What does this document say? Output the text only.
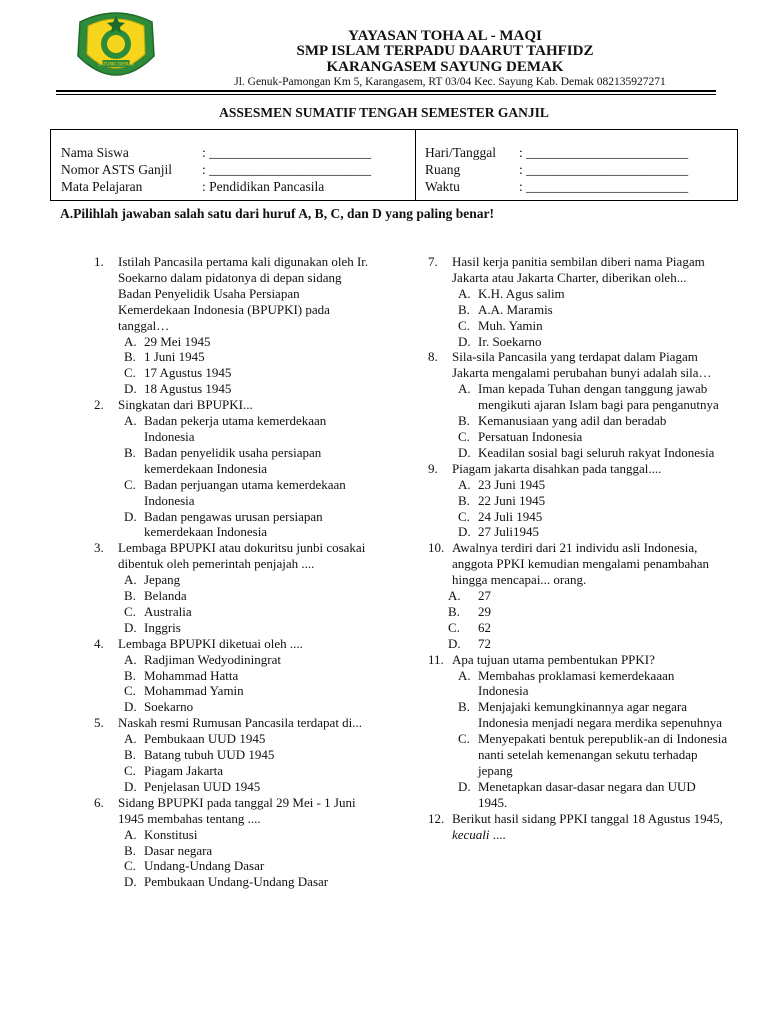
SATUNG DEMAK
YAYASAN TOHA AL - MAQI
SMP ISLAM TERPADU DAARUT TAHFIDZ
KARANGASEM SAYUNG DEMAK
Jl. Genuk-Pamongan Km 5, Karangasem, RT 03/04 Kec. Sayung Kab. Demak 082135927271
ASSESMEN SUMATIF TENGAH SEMESTER GANJIL
Nama Siswa	: ________________________
Nomor ASTS Ganjil : ________________________
Mata Pelajaran	: Pendidikan Pancasila
Hari/Tanggal : ________________________
Ruang	: ________________________
Waktu	: ________________________
A.Pilihlah jawaban salah satu dari huruf A, B, C, dan D yang paling benar!
1. Istilah Pancasila pertama kali digunakan oleh Ir. Soekarno dalam pidatonya di depan sidang Badan Penyelidik Usaha Persiapan Kemerdekaan Indonesia (BPUPKI) pada tanggal…
A. 29 Mei 1945
B. 1 Juni 1945
C. 17 Agustus 1945
D. 18 Agustus 1945
2. Singkatan dari BPUPKI...
A. Badan pekerja utama kemerdekaan Indonesia
B. Badan penyelidik usaha persiapan kemerdekaan Indonesia
C. Badan perjuangan utama kemerdekaan Indonesia
D. Badan pengawas urusan persiapan kemerdekaan Indonesia
3. Lembaga BPUPKI atau dokuritsu junbi cosakai dibentuk oleh pemerintah penjajah ....
A. Jepang
B. Belanda
C. Australia
D. Inggris
4. Lembaga BPUPKI diketuai oleh ....
A. Radjiman Wedyodiningrat
B. Mohammad Hatta
C. Mohammad Yamin
D. Soekarno
5. Naskah resmi Rumusan Pancasila terdapat di...
A. Pembukaan UUD 1945
B. Batang tubuh UUD 1945
C. Piagam Jakarta
D. Penjelasan UUD 1945
6. Sidang BPUPKI pada tanggal 29 Mei - 1 Juni 1945 membahas tentang ....
A. Konstitusi
B. Dasar negara
C. Undang-Undang Dasar
D. Pembukaan Undang-Undang Dasar
7. Hasil kerja panitia sembilan diberi nama Piagam Jakarta atau Jakarta Charter, diberikan oleh...
A. K.H. Agus salim
B. A.A. Maramis
C. Muh. Yamin
D. Ir. Soekarno
8. Sila-sila Pancasila yang terdapat dalam Piagam Jakarta mengalami perubahan bunyi adalah sila…
A. Iman kepada Tuhan dengan tanggung jawab mengikuti ajaran Islam bagi para penganutnya
B. Kemanusiaan yang adil dan beradab
C. Persatuan Indonesia
D. Keadilan sosial bagi seluruh rakyat Indonesia
9. Piagam jakarta disahkan pada tanggal....
A. 23 Juni 1945
B. 22 Juni 1945
C. 24 Juli 1945
D. 27 Juli1945
10. Awalnya terdiri dari 21 individu asli Indonesia, anggota PPKI kemudian mengalami penambahan hingga mencapai... orang.
A. 27
B. 29
C. 62
D. 72
11. Apa tujuan utama pembentukan PPKI?
A. Membahas proklamasi kemerdekaaan Indonesia
B. Menjajaki kemungkinannya agar negara Indonesia menjadi negara merdika sepenuhnya
C. Menyepakati bentuk perepublik-an di Indonesia nanti setelah kemenangan sekutu terhadap jepang
D. Menetapkan dasar-dasar negara dan UUD 1945.
12. Berikut hasil sidang PPKI tanggal 18 Agustus 1945, kecuali ....
